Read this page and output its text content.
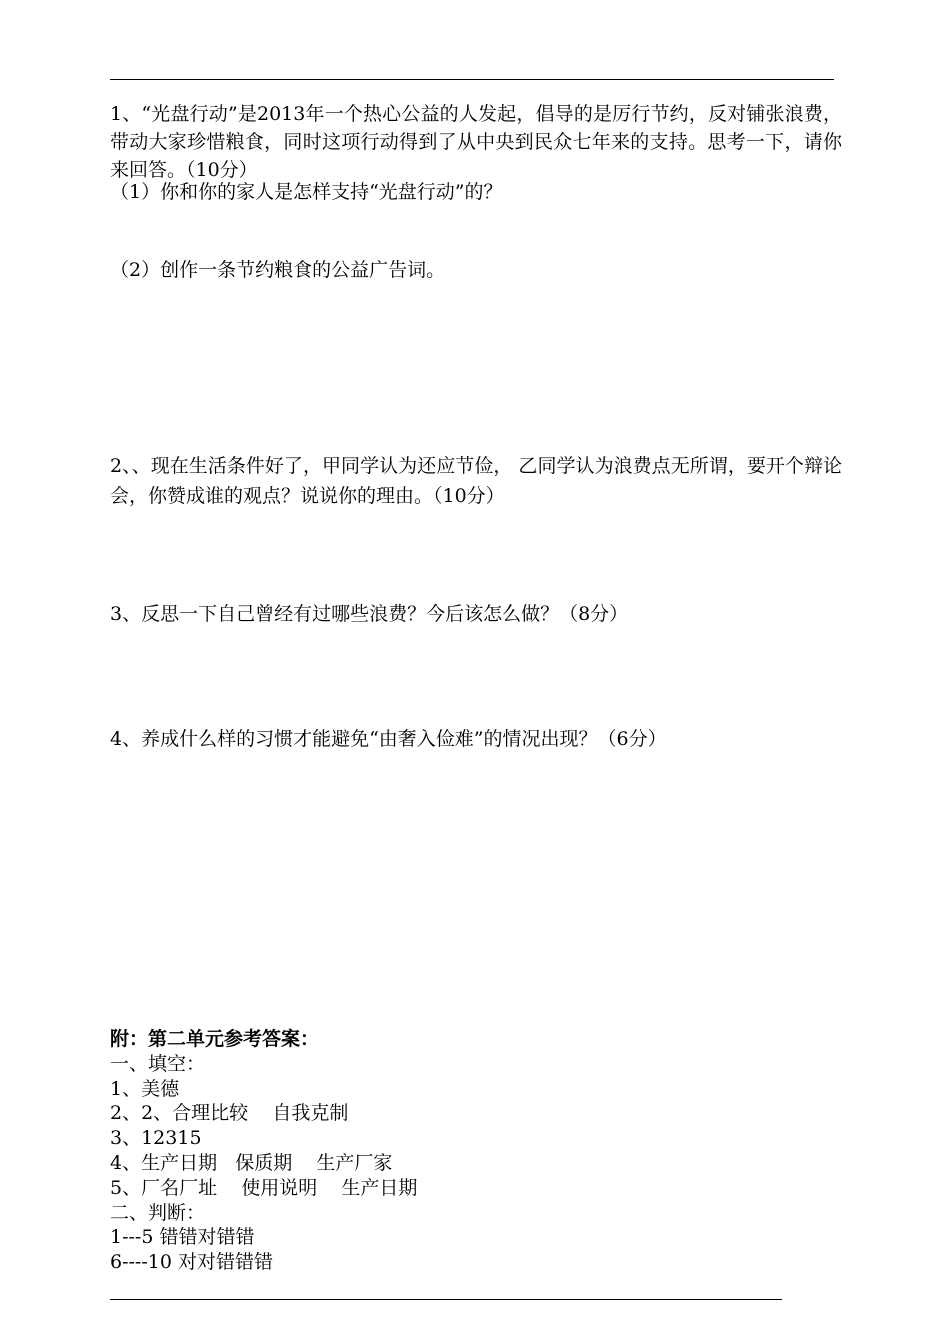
1、“光盘行动”是2013年一个热心公益的人发起，倡导的是厉行节约，反对铺张浪费，带动大家珍惜粮食，同时这项行动得到了从中央到民众七年来的支持。思考一下，请你来回答。（10分）
（1）你和你的家人是怎样支持“光盘行动”的？
（2）创作一条节约粮食的公益广告词。
2、、现在生活条件好了，甲同学认为还应节俭， 乙同学认为浪费点无所谓，要开个辩论会，你赞成谁的观点？说说你的理由。（10分）
3、反思一下自己曾经有过哪些浪费？今后该怎么做？（8分）
4、养成什么样的习惯才能避免“由奢入俭难”的情况出现？（6分）
附：第二单元参考答案：
一、填空：
1、美德
2、2、合理比较    自我克制
3、12315
4、生产日期   保质期    生产厂家
5、厂名厂址    使用说明    生产日期
二、判断：
1---5 错错对错错
6----10 对对错错错
